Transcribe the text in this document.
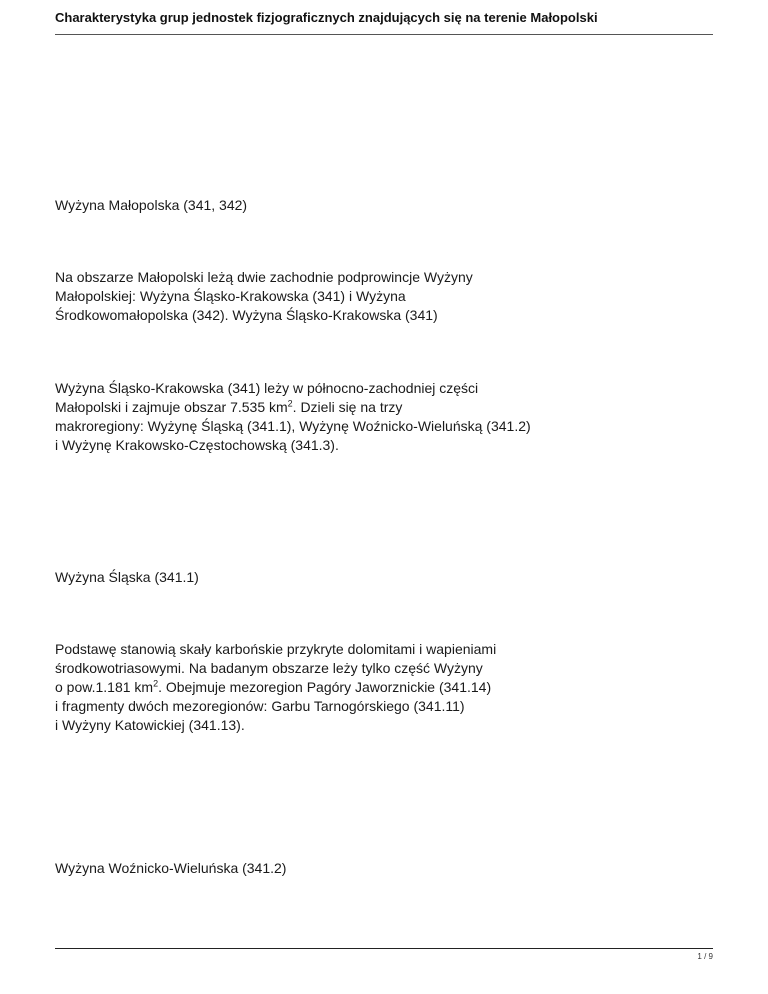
Charakterystyka grup jednostek fizjograficznych znajdujących się na terenie Małopolski
Wyżyna Małopolska (341, 342)
Na obszarze Małopolski leżą dwie zachodnie podprowincje Wyżyny
Małopolskiej: Wyżyna Śląsko-Krakowska (341) i Wyżyna
Środkowomałopolska (342). Wyżyna Śląsko-Krakowska (341)
Wyżyna Śląsko-Krakowska (341) leży w północno-zachodniej części
Małopolski i zajmuje obszar 7.535 $km^2$. Dzieli się na trzy
makroregiony: Wyżynę Śląską (341.1), Wyżynę Woźnicko-Wieluńską (341.2)
i Wyżynę Krakowsko-Częstochowską (341.3).
Wyżyna Śląska (341.1)
Podstawę stanowią skały karbońskie przykryte dolomitami i wapieniami
środkowotriasowymi. Na badanym obszarze leży tylko część Wyżyny
o pow.1.181 $km^2$. Obejmuje mezoregion Pagóry Jaworznickie (341.14)
i fragmenty dwóch mezoregionów: Garbu Tarnogórskiego (341.11)
i Wyżyny Katowickiej (341.13).
Wyżyna Woźnicko-Wieluńska (341.2)
1 / 9
